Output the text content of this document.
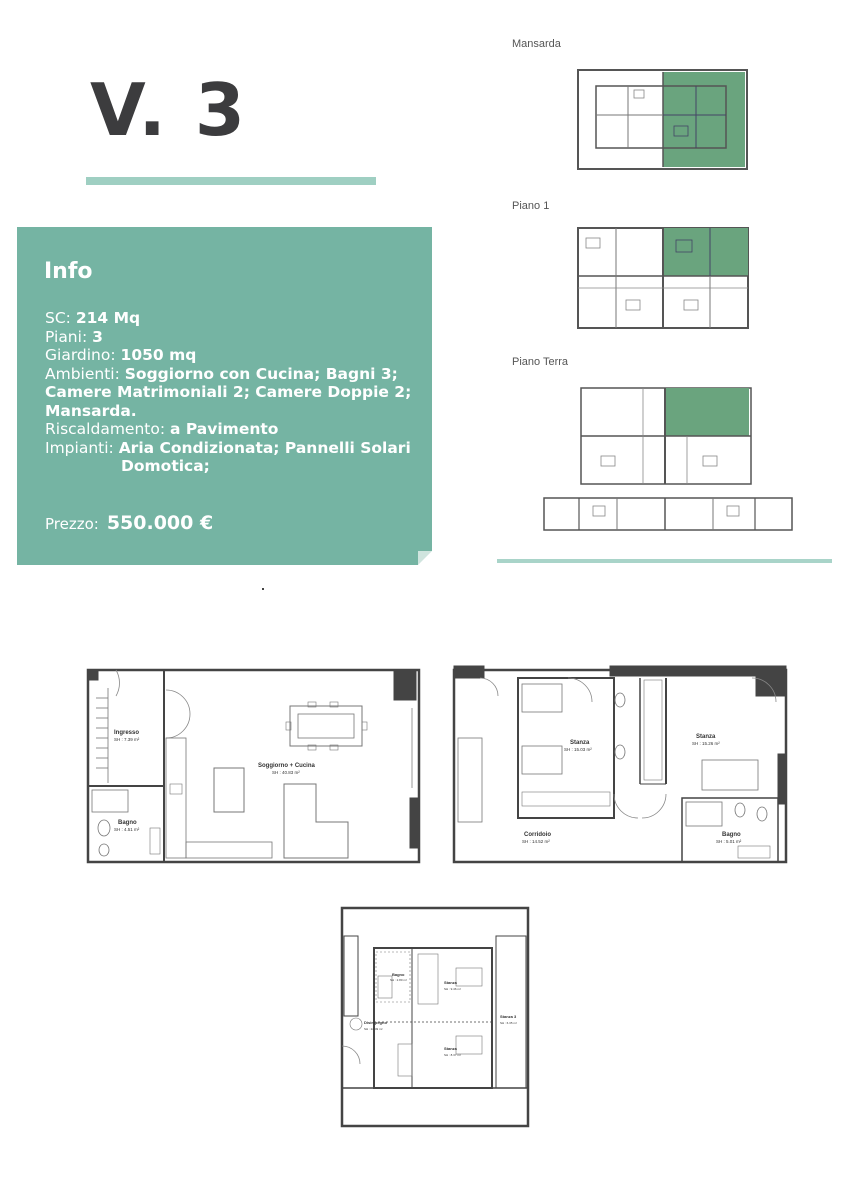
V. 3
Info
SC: 214 Mq
Piani: 3
Giardino: 1050 mq
Ambienti: Soggiorno con Cucina; Bagni 3;
Camere Matrimoniali 2; Camere Doppie 2;
Mansarda.
Riscaldamento: a Pavimento
Impianti: Aria Condizionata; Pannelli Solari
Domotica;
Prezzo: 550.000 €
Mansarda
Piano 1
Piano Terra
Ingresso
SH : 7.39 m²
Soggiorno + Cucina
SH : 40.83 m²
Bagno
SH : 4.51 m²
Stanza
SH : 15.03 m²
Stanza
SH : 15.26 m²
Corridoio
SH : 14.52 m²
Bagno
SH : 5.01 m²
Bagno
SH : 2.80 m²	Stanza
SH : 9.46 m²
Disimpegno
SH : 22.49 m²
Stanza
SH : 8.37 m²
Stanza 3
SH : 6.35 m²
